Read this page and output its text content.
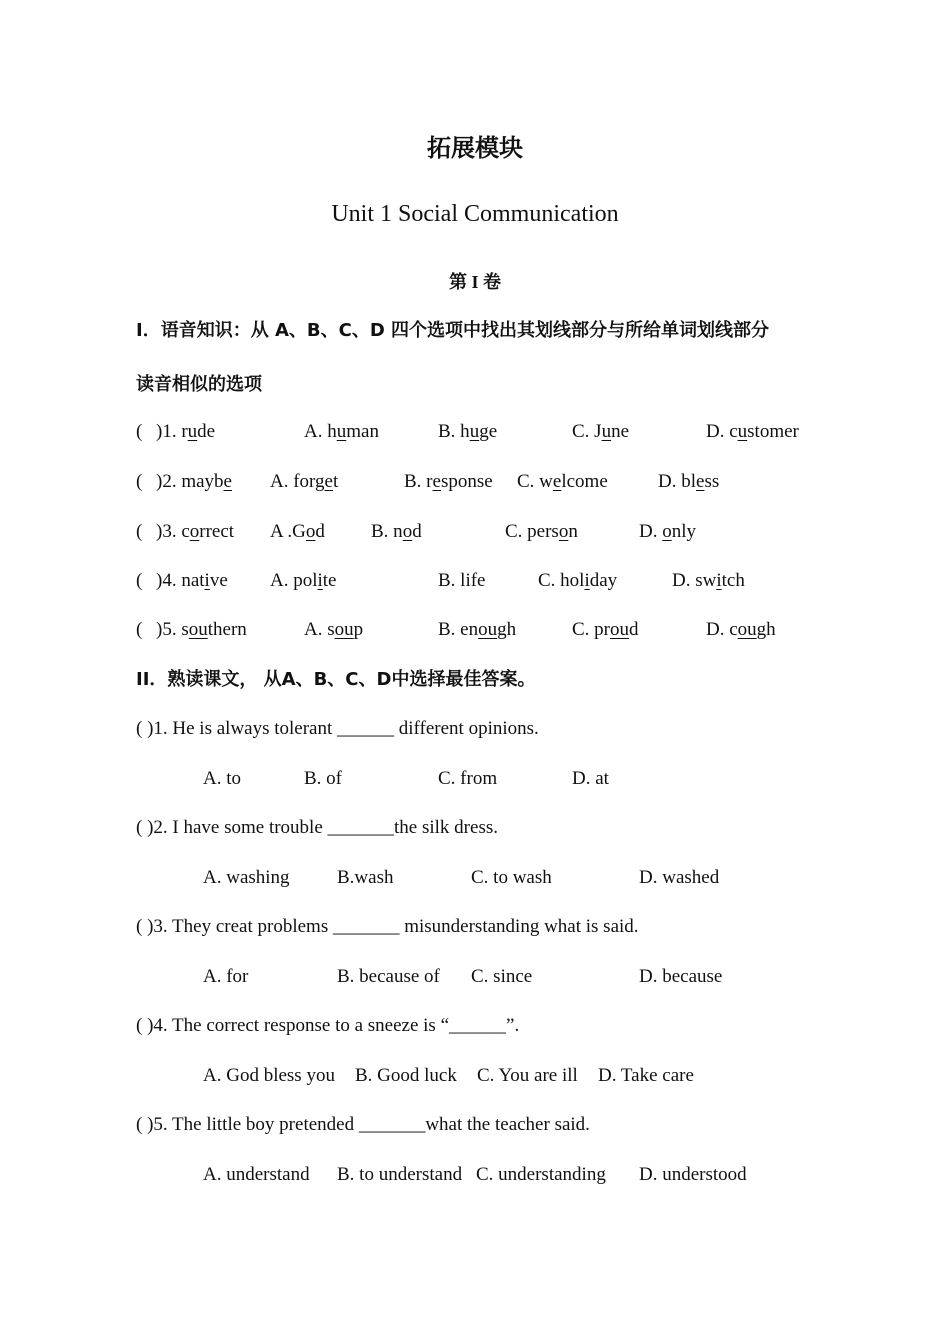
拓展模块
Unit 1 Social Communication
第 I 卷
I．语音知识：从 A、B、C、D 四个选项中找出其划线部分与所给单词划线部分
读音相似的选项
( )1. rude	A. human	B. huge	C. June	D. customer
( )2. maybe A. forget	B. response C. welcome	D. bless
( )3. correct A .God B. nod	C. person	D. only
( )4. native A. polite	B. life	C. holiday	D. switch
( )5. southern	A. soup	B. enough	C. proud	D. cough
II．熟读课文， 从A、B、C、D中选择最佳答案。
( )1. He is always tolerant ______ different opinions.
A. to	B. of	C. from	D. at
( )2. I have some trouble _______the silk dress.
A. washing B.wash	C. to wash	D. washed
( )3. They creat problems _______ misunderstanding what is said.
A. for	B. because of C. since	D. because
( )4. The correct response to a sneeze is “______”.
A. God bless you B. Good luck C. You are ill D. Take care
( )5. The little boy pretended _______what the teacher said.
A. understand B. to understand C. understanding D. understood
